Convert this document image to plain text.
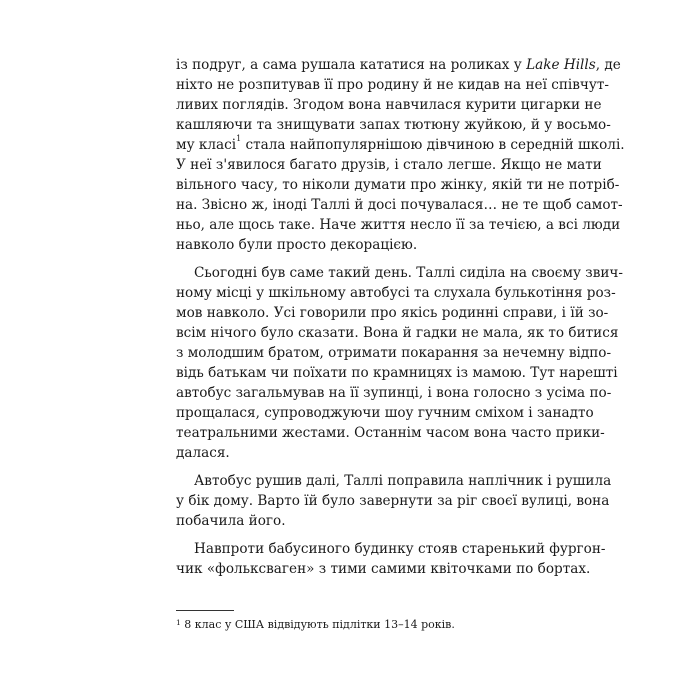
із подруг, а сама рушала кататися на роликах у Lake Hills, де
ніхто не розпитував її про родину й не кидав на неї співчут-
ливих поглядів. Згодом вона навчилася курити цигарки не
кашляючи та знищувати запах тютюну жуйкою, й у восьмо-
му класі$^1$ стала найпопулярнішою дівчиною в середній школі.
У неї з'явилося багато друзів, і стало легше. Якщо не мати
вільного часу, то ніколи думати про жінку, якій ти не потріб-
на. Звісно ж, іноді Таллі й досі почувалася… не те щоб самот-
ньо, але щось таке. Наче життя несло її за течією, а всі люди
навколо були просто декорацією.
Сьогодні був саме такий день. Таллі сиділа на своєму звич-
ному місці у шкільному автобусі та слухала булькотіння роз-
мов навколо. Усі говорили про якісь родинні справи, і їй зо-
всім нічого було сказати. Вона й гадки не мала, як то битися
з молодшим братом, отримати покарання за нечемну відпо-
відь батькам чи поїхати по крамницях із мамою. Тут нарешті
автобус загальмував на її зупинці, і вона голосно з усіма по-
прощалася, супроводжуючи шоу гучним сміхом і занадто
театральними жестами. Останнім часом вона часто прики-
далася.
Автобус рушив далі, Таллі поправила наплічник і рушила
у бік дому. Варто їй було завернути за ріг своєї вулиці, вона
побачила його.
Навпроти бабусиного будинку стояв старенький фургон-
чик «фольксваген» з тими самими квіточками по бортах.
$^1$ 8 клас у США відвідують підлітки 13–14 років.
